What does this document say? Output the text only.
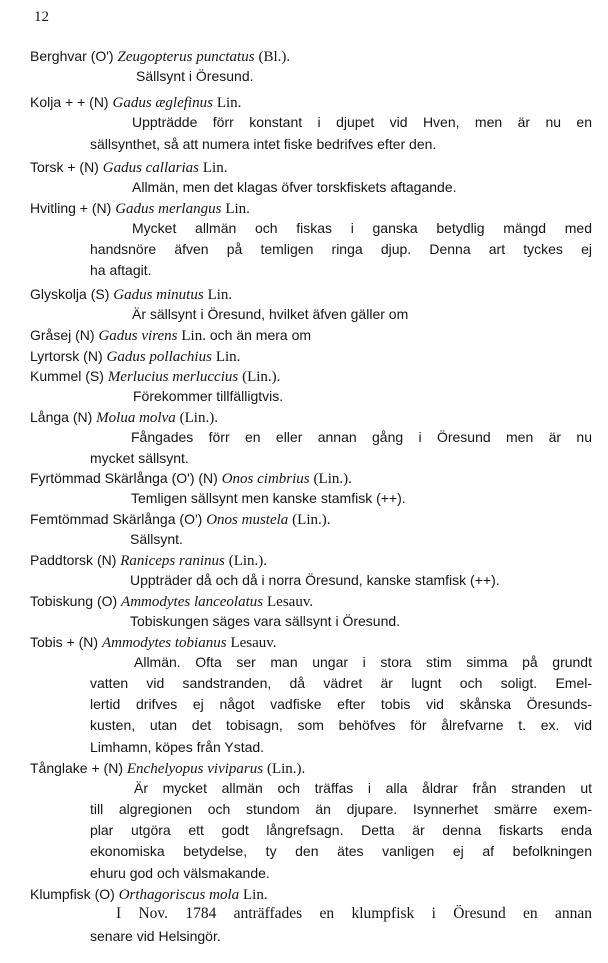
12
Berghvar (O') Zeugopterus punctatus (Bl.).
Sällsynt i Öresund.
Kolja + + (N) Gadus æglefinus Lin.
Uppträdde förr konstant i djupet vid Hven, men är nu en
sällsynthet, så att numera intet fiske bedrifves efter den.
Torsk + (N) Gadus callarias Lin.
Allmän, men det klagas öfver torskfiskets aftagande.
Hvitling + (N) Gadus merlangus Lin.
Mycket allmän och fiskas i ganska betydlig mängd med
handsnöre äfven på temligen ringa djup. Denna art tyckes ej
ha aftagit.
Glyskolja (S) Gadus minutus Lin.
Är sällsynt i Öresund, hvilket äfven gäller om
Gråsej (N) Gadus virens Lin. och än mera om
Lyrtorsk (N) Gadus pollachius Lin.
Kummel (S) Merlucius merluccius (Lin.).
Förekommer tillfälligtvis.
Långa (N) Molua molva (Lin.).
Fångades förr en eller annan gång i Öresund men är nu
mycket sällsynt.
Fyrtömmad Skärlånga (O') (N) Onos cimbrius (Lin.).
Temligen sällsynt men kanske stamfisk (++).
Femtömmad Skärlånga (O') Onos mustela (Lin.).
Sällsynt.
Paddtorsk (N) Raniceps raninus (Lin.).
Uppträder då och då i norra Öresund, kanske stamfisk (++).
Tobiskung (O) Ammodytes lanceolatus Lesauv.
Tobiskungen säges vara sällsynt i Öresund.
Tobis + (N) Ammodytes tobianus Lesauv.
Allmän. Ofta ser man ungar i stora stim simma på grundt
vatten vid sandstranden, då vädret är lugnt och soligt. Emel-
lertid drifves ej något vadfiske efter tobis vid skånska Öresunds-
kusten, utan det tobisagn, som behöfves för ålrefvarne t. ex. vid
Limhamn, köpes från Ystad.
Tånglake + (N) Enchelyopus viviparus (Lin.).
Är mycket allmän och träffas i alla åldrar från stranden ut
till algregionen och stundom än djupare. Isynnerhet smärre exem-
plar utgöra ett godt långrefsagn. Detta är denna fiskarts enda
ekonomiska betydelse, ty den ätes vanligen ej af befolkningen
ehuru god och välsmakande.
Klumpfisk (O) Orthagoriscus mola Lin.
I Nov. 1784 anträffades en klumpfisk i Öresund en annan
senare vid Helsingör.
